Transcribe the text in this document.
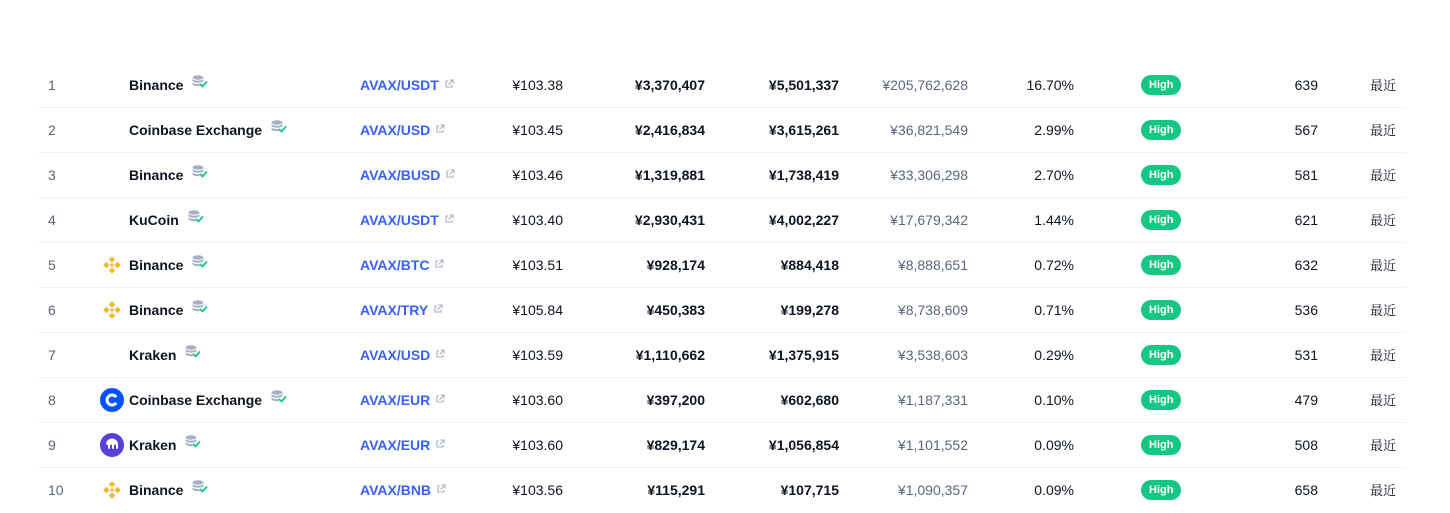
1	Binance	AVAX/USDT	¥103.38	¥3,370,407	¥5,501,337	¥205,762,628	16.70%	High	639	最近
2	Coinbase Exchange	AVAX/USD	¥103.45	¥2,416,834	¥3,615,261	¥36,821,549	2.99%	High	567	最近
3	Binance	AVAX/BUSD	¥103.46	¥1,319,881	¥1,738,419	¥33,306,298	2.70%	High	581	最近
4	KuCoin	AVAX/USDT	¥103.40	¥2,930,431	¥4,002,227	¥17,679,342	1.44%	High	621	最近
5	Binance	AVAX/BTC	¥103.51	¥928,174	¥884,418	¥8,888,651	0.72%	High	632	最近
6	Binance	AVAX/TRY	¥105.84	¥450,383	¥199,278	¥8,738,609	0.71%	High	536	最近
7	Kraken	AVAX/USD	¥103.59	¥1,110,662	¥1,375,915	¥3,538,603	0.29%	High	531	最近
8	Coinbase Exchange	AVAX/EUR	¥103.60	¥397,200	¥602,680	¥1,187,331	0.10%	High	479	最近
9	Kraken	AVAX/EUR	¥103.60	¥829,174	¥1,056,854	¥1,101,552	0.09%	High	508	最近
10	Binance	AVAX/BNB	¥103.56	¥115,291	¥107,715	¥1,090,357	0.09%	High	658	最近
